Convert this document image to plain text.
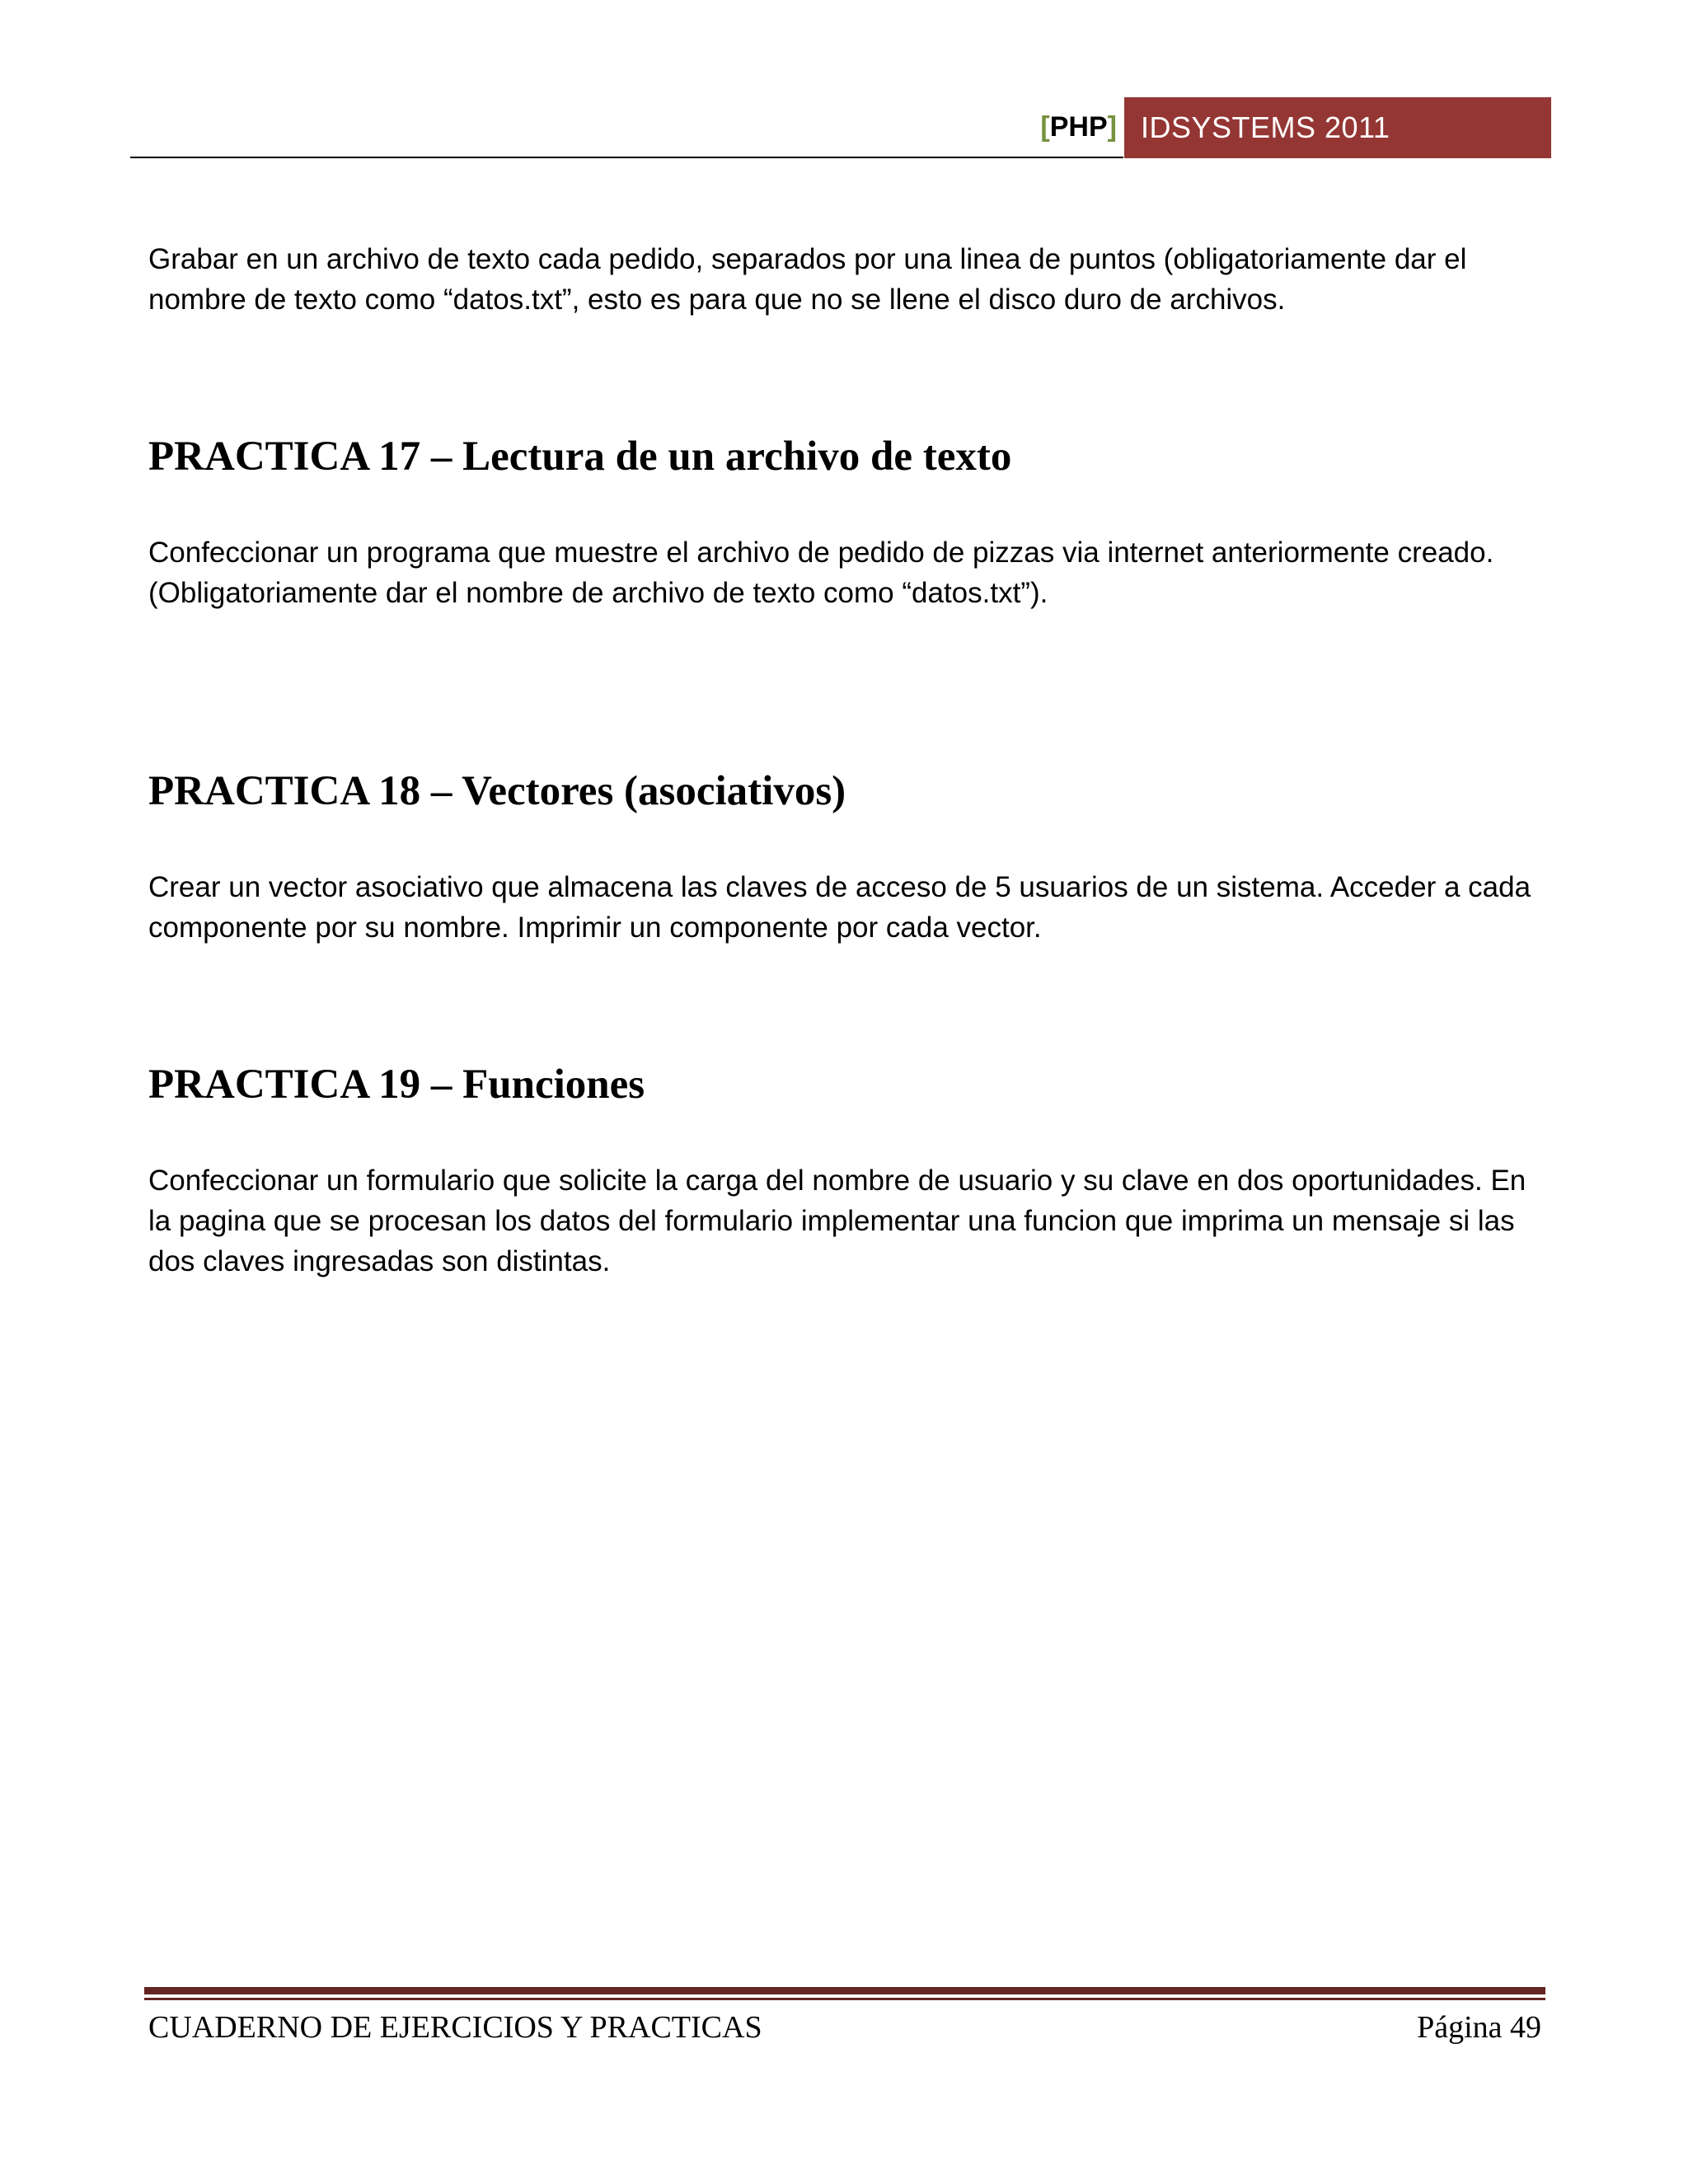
[ PHP ] IDSYSTEMS 2011

Grabar en un archivo de texto cada pedido, separados por una linea de puntos (obligatoriamente dar el nombre de texto como “datos.txt”, esto es para que no se llene el disco duro de archivos.

PRACTICA 17 – Lectura de un archivo de texto

Confeccionar un programa que muestre el archivo de pedido de pizzas via internet anteriormente creado. (Obligatoriamente dar el nombre de archivo de texto como “datos.txt”).

PRACTICA 18 – Vectores (asociativos)

Crear un vector asociativo que almacena las claves de acceso de 5 usuarios de un sistema. Acceder a cada componente por su nombre. Imprimir un componente por cada vector.

PRACTICA 19 – Funciones

Confeccionar un formulario que solicite la carga del nombre de usuario y su clave en dos oportunidades. En la pagina que se procesan los datos del formulario implementar una funcion que imprima un mensaje si las dos claves ingresadas son distintas.

CUADERNO DE EJERCICIOS Y PRACTICAS	Página 49
